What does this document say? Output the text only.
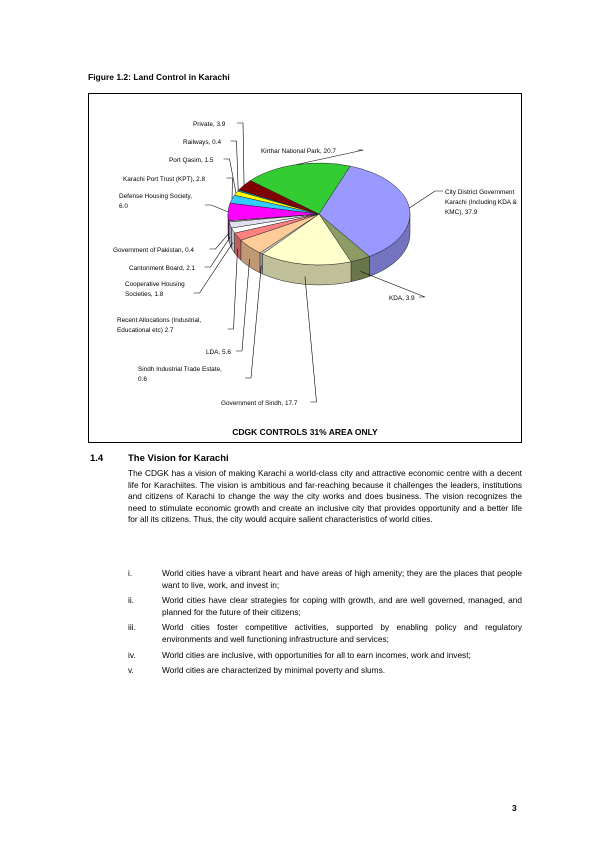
Figure 1.2: Land Control in Karachi
City District Government Karachi (Including KDA & KMC), 37.9
KDA, 3.9
Government of Sindh, 17.7
Sindh Industrial Trade Estate, 0.6
LDA, 5.6
Recent Allocations (Industrial, Educational etc) 2.7
Cooperative Housing Societies, 1.8
Cantonment Board, 2.1
Government of Pakistan, 0.4
Defense Housing Society, 6.0
Karachi Port Trust (KPT), 2.8
Port Qasim, 1.5
Railways, 0.4
Private, 3.9
Kirthar National Park, 20.7
CDGK CONTROLS 31% AREA ONLY
1.4	The Vision for Karachi
The CDGK has a vision of making Karachi a world-class city and attractive economic centre with a decent life for Karachiites. The vision is ambitious and far-reaching because it challenges the leaders, institutions and citizens of Karachi to change the way the city works and does business. The vision recognizes the need to stimulate economic growth and create an inclusive city that provides opportunity and a better life for all its citizens. Thus, the city would acquire salient characteristics of world cities.
i.	World cities have a vibrant heart and have areas of high amenity; they are the places that people want to live, work, and invest in;
ii.	World cities have clear strategies for coping with growth, and are well governed, managed, and planned for the future of their citizens;
iii.	World cities foster competitive activities, supported by enabling policy and regulatory environments and well functioning infrastructure and services;
iv.	World cities are inclusive, with opportunities for all to earn incomes, work and invest;
v.	World cities are characterized by minimal poverty and slums.
3
